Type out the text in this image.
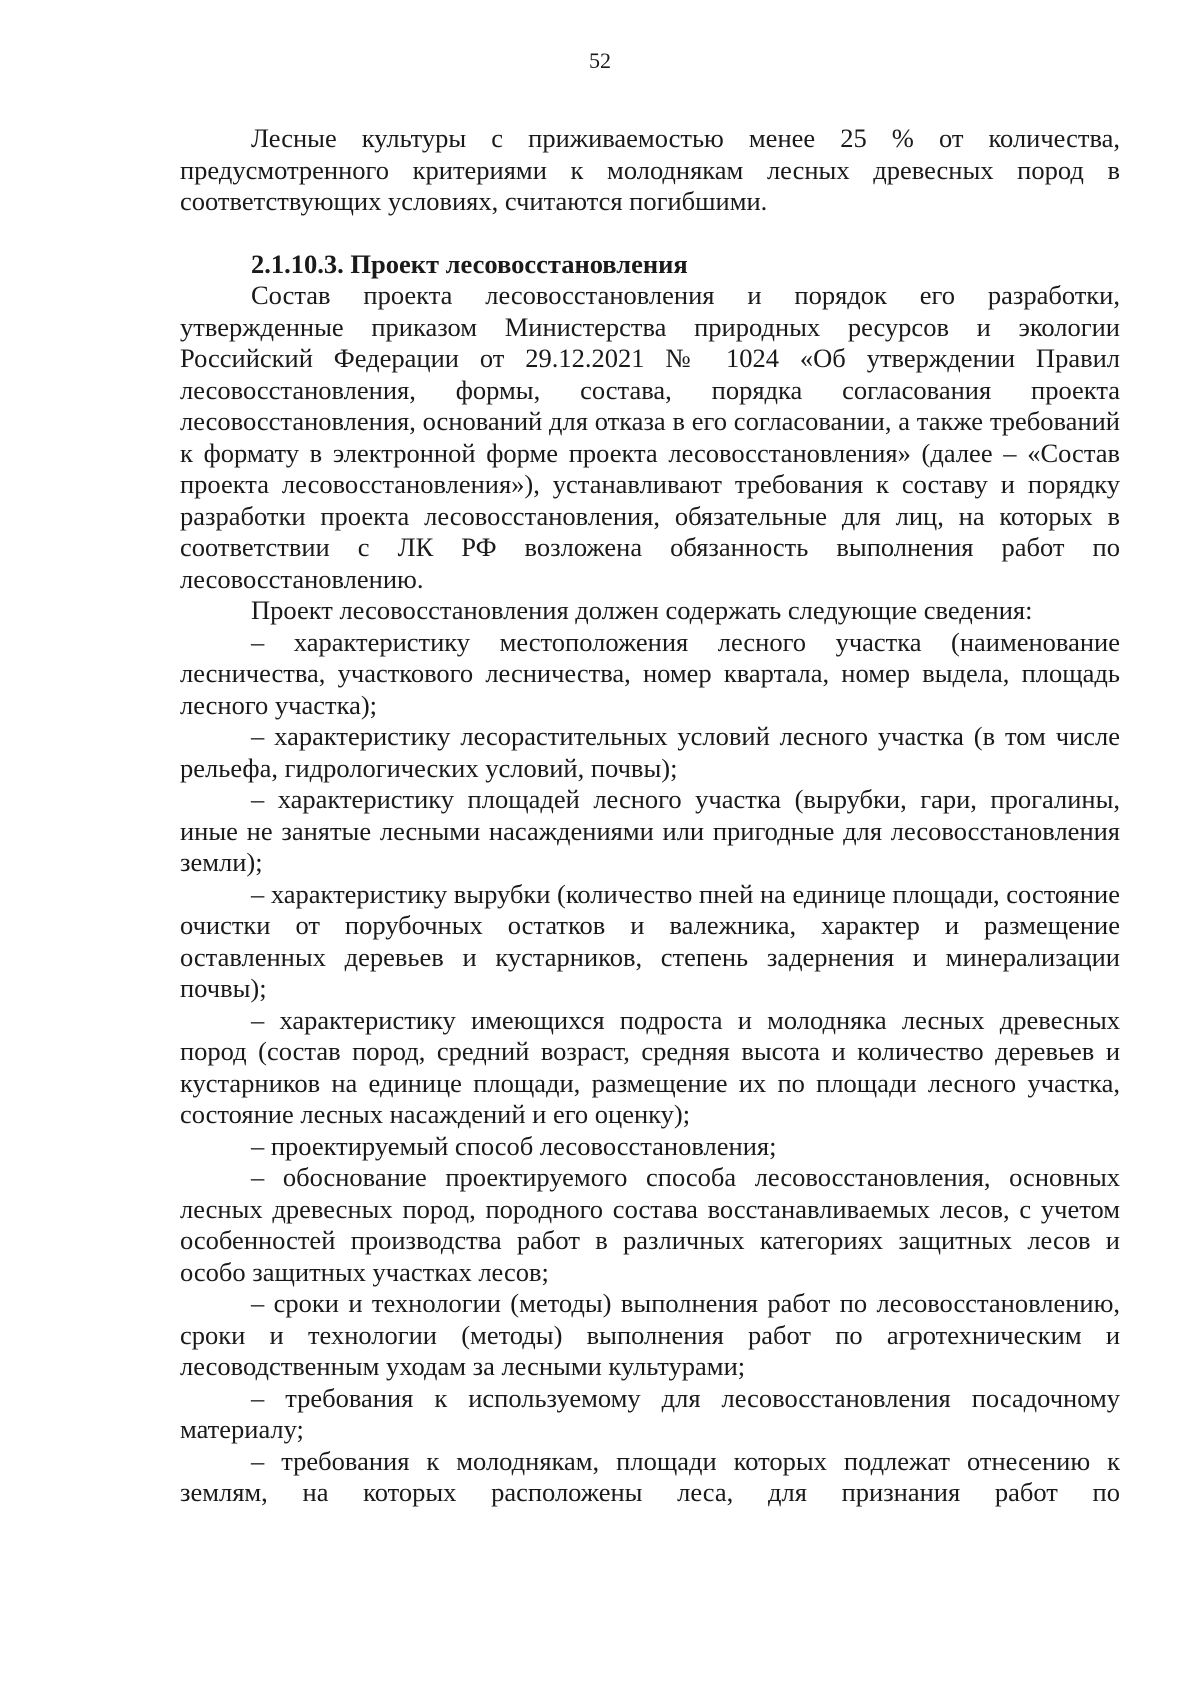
52

Лесные культуры с приживаемостью менее 25 % от количества, предусмотренного критериями к молоднякам лесных древесных пород в соответствующих условиях, считаются погибшими.

2.1.10.3. Проект лесовосстановления

Состав проекта лесовосстановления и порядок его разработки, утвержденные приказом Министерства природных ресурсов и экологии Российский Федерации от 29.12.2021 № 1024 «Об утверждении Правил лесовосстановления, формы, состава, порядка согласования проекта лесовосстановления, оснований для отказа в его согласовании, а также требований к формату в электронной форме проекта лесовосстановления» (далее – «Состав проекта лесовосстановления»), устанавливают требования к составу и порядку разработки проекта лесовосстановления, обязательные для лиц, на которых в соответствии с ЛК РФ возложена обязанность выполнения работ по лесовосстановлению.

Проект лесовосстановления должен содержать следующие сведения:

– характеристику местоположения лесного участка (наименование лесничества, участкового лесничества, номер квартала, номер выдела, площадь лесного участка);

– характеристику лесорастительных условий лесного участка (в том числе рельефа, гидрологических условий, почвы);

– характеристику площадей лесного участка (вырубки, гари, прогалины, иные не занятые лесными насаждениями или пригодные для лесовосстановления земли);

– характеристику вырубки (количество пней на единице площади, состояние очистки от порубочных остатков и валежника, характер и размещение оставленных деревьев и кустарников, степень задернения и минерализации почвы);

– характеристику имеющихся подроста и молодняка лесных древесных пород (состав пород, средний возраст, средняя высота и количество деревьев и кустарников на единице площади, размещение их по площади лесного участка, состояние лесных насаждений и его оценку);

– проектируемый способ лесовосстановления;

– обоснование проектируемого способа лесовосстановления, основных лесных древесных пород, породного состава восстанавливаемых лесов, с учетом особенностей производства работ в различных категориях защитных лесов и особо защитных участках лесов;

– сроки и технологии (методы) выполнения работ по лесовосстановлению, сроки и технологии (методы) выполнения работ по агротехническим и лесоводственным уходам за лесными культурами;

– требования к используемому для лесовосстановления посадочному материалу;

– требования к молоднякам, площади которых подлежат отнесению к землям, на которых расположены леса, для признания работ по
